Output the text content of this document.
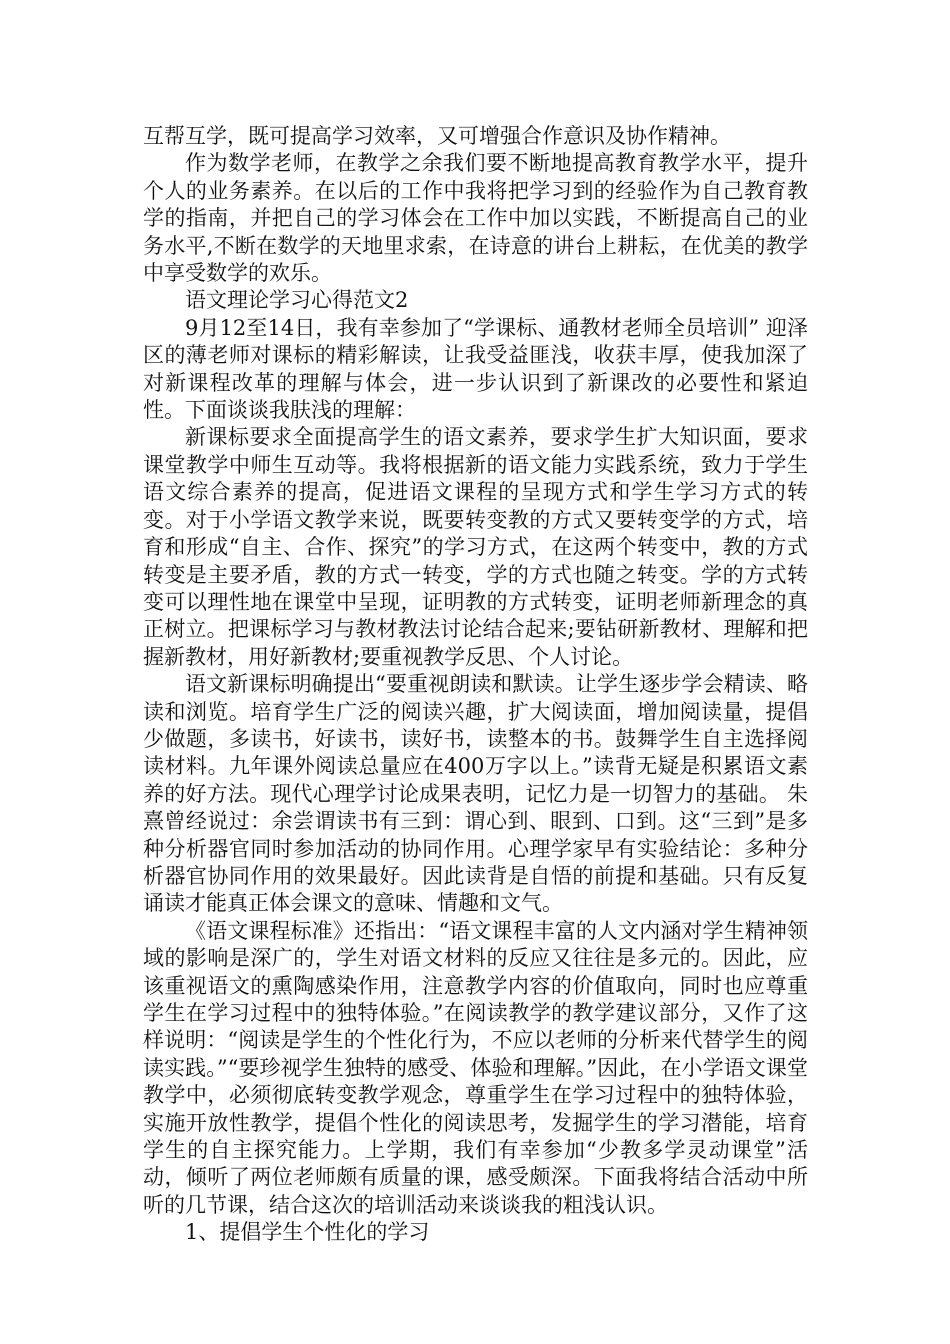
互帮互学，既可提高学习效率，又可增强合作意识及协作精神。

作为数学老师，在教学之余我们要不断地提高教育教学水平，提升个人的业务素养。在以后的工作中我将把学习到的经验作为自己教育教学的指南，并把自己的学习体会在工作中加以实践，不断提高自己的业务水平,不断在数学的天地里求索，在诗意的讲台上耕耘，在优美的教学中享受数学的欢乐。

语文理论学习心得范文2

9月12至14日，我有幸参加了“学课标、通教材老师全员培训” 迎泽区的薄老师对课标的精彩解读，让我受益匪浅，收获丰厚，使我加深了对新课程改革的理解与体会，进一步认识到了新课改的必要性和紧迫性。下面谈谈我肤浅的理解：

新课标要求全面提高学生的语文素养，要求学生扩大知识面，要求课堂教学中师生互动等。我将根据新的语文能力实践系统，致力于学生语文综合素养的提高，促进语文课程的呈现方式和学生学习方式的转变。对于小学语文教学来说，既要转变教的方式又要转变学的方式，培育和形成“自主、合作、探究”的学习方式，在这两个转变中，教的方式转变是主要矛盾，教的方式一转变，学的方式也随之转变。学的方式转变可以理性地在课堂中呈现，证明教的方式转变，证明老师新理念的真正树立。把课标学习与教材教法讨论结合起来;要钻研新教材、理解和把握新教材，用好新教材;要重视教学反思、个人讨论。

语文新课标明确提出“要重视朗读和默读。让学生逐步学会精读、略读和浏览。培育学生广泛的阅读兴趣，扩大阅读面，增加阅读量，提倡少做题，多读书，好读书，读好书，读整本的书。鼓舞学生自主选择阅读材料。九年课外阅读总量应在400万字以上。”读背无疑是积累语文素养的好方法。现代心理学讨论成果表明，记忆力是一切智力的基础。 朱熹曾经说过：余尝谓读书有三到：谓心到、眼到、口到。这“三到”是多种分析器官同时参加活动的协同作用。心理学家早有实验结论：多种分析器官协同作用的效果最好。因此读背是自悟的前提和基础。只有反复诵读才能真正体会课文的意味、情趣和文气。

《语文课程标准》还指出：“语文课程丰富的人文内涵对学生精神领域的影响是深广的，学生对语文材料的反应又往往是多元的。因此，应该重视语文的熏陶感染作用，注意教学内容的价值取向，同时也应尊重学生在学习过程中的独特体验。”在阅读教学的教学建议部分，又作了这样说明：“阅读是学生的个性化行为，不应以老师的分析来代替学生的阅读实践。”“要珍视学生独特的感受、体验和理解。”因此，在小学语文课堂教学中，必须彻底转变教学观念，尊重学生在学习过程中的独特体验，实施开放性教学，提倡个性化的阅读思考，发掘学生的学习潜能，培育学生的自主探究能力。上学期，我们有幸参加“少教多学灵动课堂”活动，倾听了两位老师颇有质量的课，感受颇深。下面我将结合活动中所听的几节课，结合这次的培训活动来谈谈我的粗浅认识。

1、提倡学生个性化的学习
